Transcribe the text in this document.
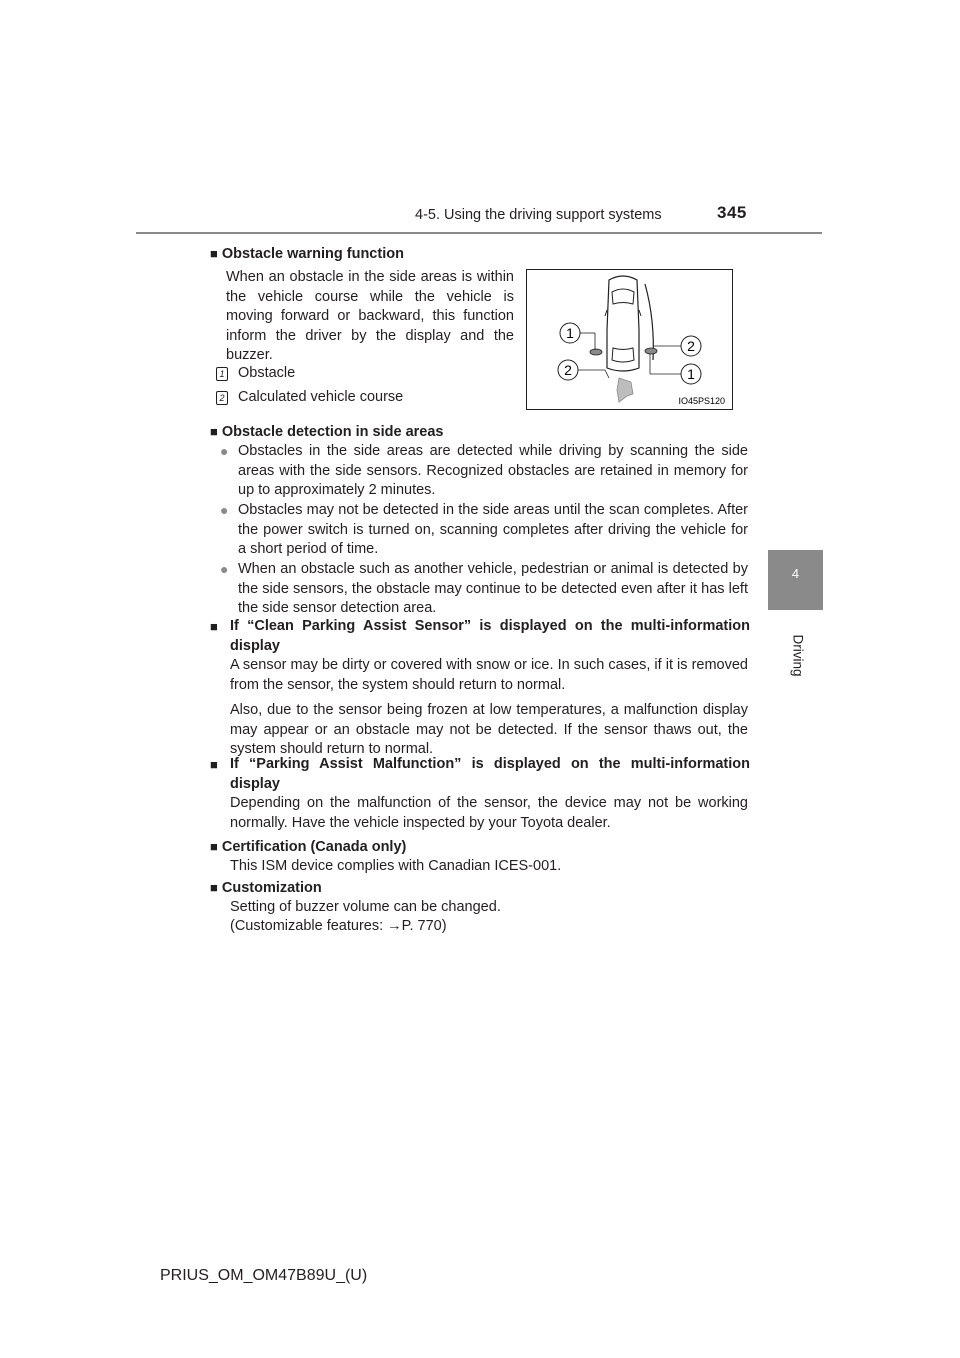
4-5. Using the driving support systems	345
4
Driving
■ Obstacle warning function
When an obstacle in the side areas is within the vehicle course while the vehicle is moving forward or backward, this function inform the driver by the display and the buzzer.
1 Obstacle
2 Calculated vehicle course
1
2
2
1
IO45PS120
■ Obstacle detection in side areas
● Obstacles in the side areas are detected while driving by scanning the side areas with the side sensors. Recognized obstacles are retained in memory for up to approximately 2 minutes.
● Obstacles may not be detected in the side areas until the scan completes. After the power switch is turned on, scanning completes after driving the vehicle for a short period of time.
● When an obstacle such as another vehicle, pedestrian or animal is detected by the side sensors, the obstacle may continue to be detected even after it has left the side sensor detection area.
■ If “Clean Parking Assist Sensor” is displayed on the multi-information display
A sensor may be dirty or covered with snow or ice. In such cases, if it is removed from the sensor, the system should return to normal.
Also, due to the sensor being frozen at low temperatures, a malfunction display may appear or an obstacle may not be detected. If the sensor thaws out, the system should return to normal.
■ If “Parking Assist Malfunction” is displayed on the multi-information display
Depending on the malfunction of the sensor, the device may not be working normally. Have the vehicle inspected by your Toyota dealer.
■ Certification (Canada only)
This ISM device complies with Canadian ICES-001.
■ Customization
Setting of buzzer volume can be changed.
(Customizable features: →P. 770)
PRIUS_OM_OM47B89U_(U)
